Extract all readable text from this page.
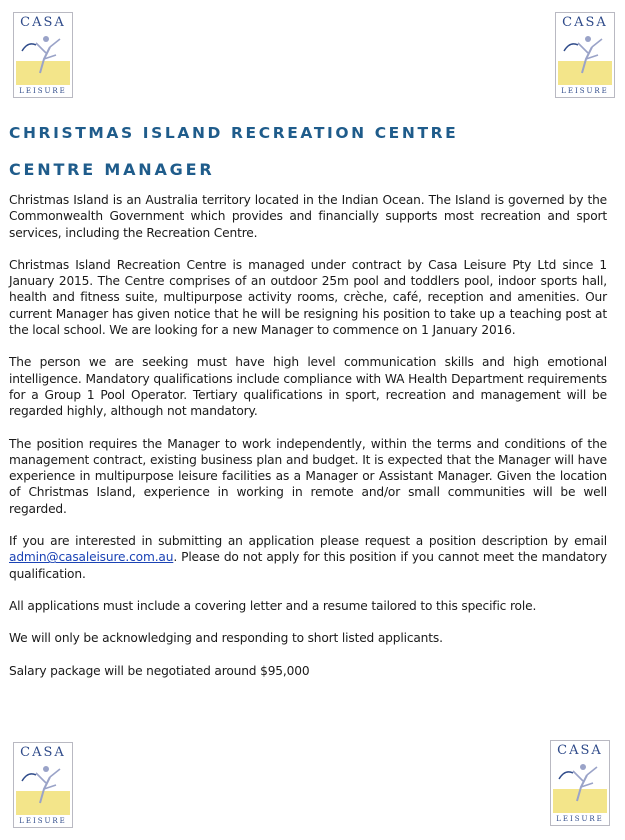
CASA
LEISURE
CASA
LEISURE
CHRISTMAS ISLAND RECREATION CENTRE
CENTRE MANAGER

Christmas Island is an Australia territory located in the Indian Ocean. The Island is governed by the Commonwealth Government which provides and financially supports most recreation and sport services, including the Recreation Centre.

Christmas Island Recreation Centre is managed under contract by Casa Leisure Pty Ltd since 1 January 2015. The Centre comprises of an outdoor 25m pool and toddlers pool, indoor sports hall, health and fitness suite, multipurpose activity rooms, crèche, café, reception and amenities. Our current Manager has given notice that he will be resigning his position to take up a teaching post at the local school. We are looking for a new Manager to commence on 1 January 2016.

The person we are seeking must have high level communication skills and high emotional intelligence. Mandatory qualifications include compliance with WA Health Department requirements for a Group 1 Pool Operator. Tertiary qualifications in sport, recreation and management will be regarded highly, although not mandatory.

The position requires the Manager to work independently, within the terms and conditions of the management contract, existing business plan and budget. It is expected that the Manager will have experience in multipurpose leisure facilities as a Manager or Assistant Manager. Given the location of Christmas Island, experience in working in remote and/or small communities will be well regarded.

If you are interested in submitting an application please request a position description by email admin@casaleisure.com.au. Please do not apply for this position if you cannot meet the mandatory qualification.

All applications must include a covering letter and a resume tailored to this specific role.

We will only be acknowledging and responding to short listed applicants.

Salary package will be negotiated around $95,000

CASA
LEISURE
CASA
LEISURE
